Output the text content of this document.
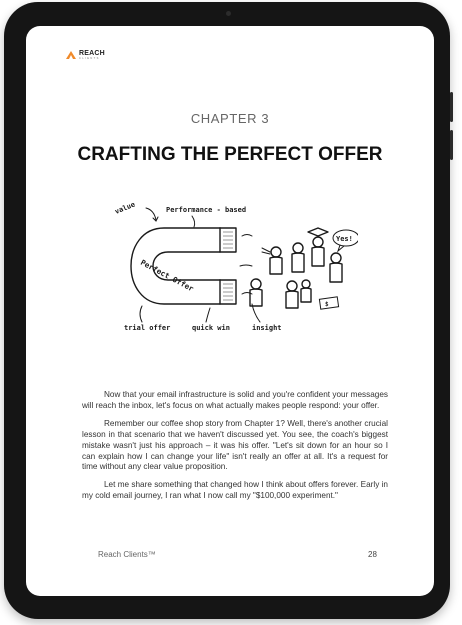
REACH
CLIENTS
CHAPTER 3
CRAFTING THE PERFECT OFFER
value	Performance - based
Perfect Offer
trial offer	quick win	insight
Yes!
$

Now that your email infrastructure is solid and you're confident your messages will reach the inbox, let's focus on what actually makes people respond: your offer.

Remember our coffee shop story from Chapter 1? Well, there's another crucial lesson in that scenario that we haven't discussed yet. You see, the coach's biggest mistake wasn't just his approach – it was his offer. "Let's sit down for an hour so I can explain how I can change your life" isn't really an offer at all. It's a request for time without any clear value proposition.

Let me share something that changed how I think about offers forever. Early in my cold email journey, I ran what I now call my "$100,000 experiment."

Reach Clients™	28
